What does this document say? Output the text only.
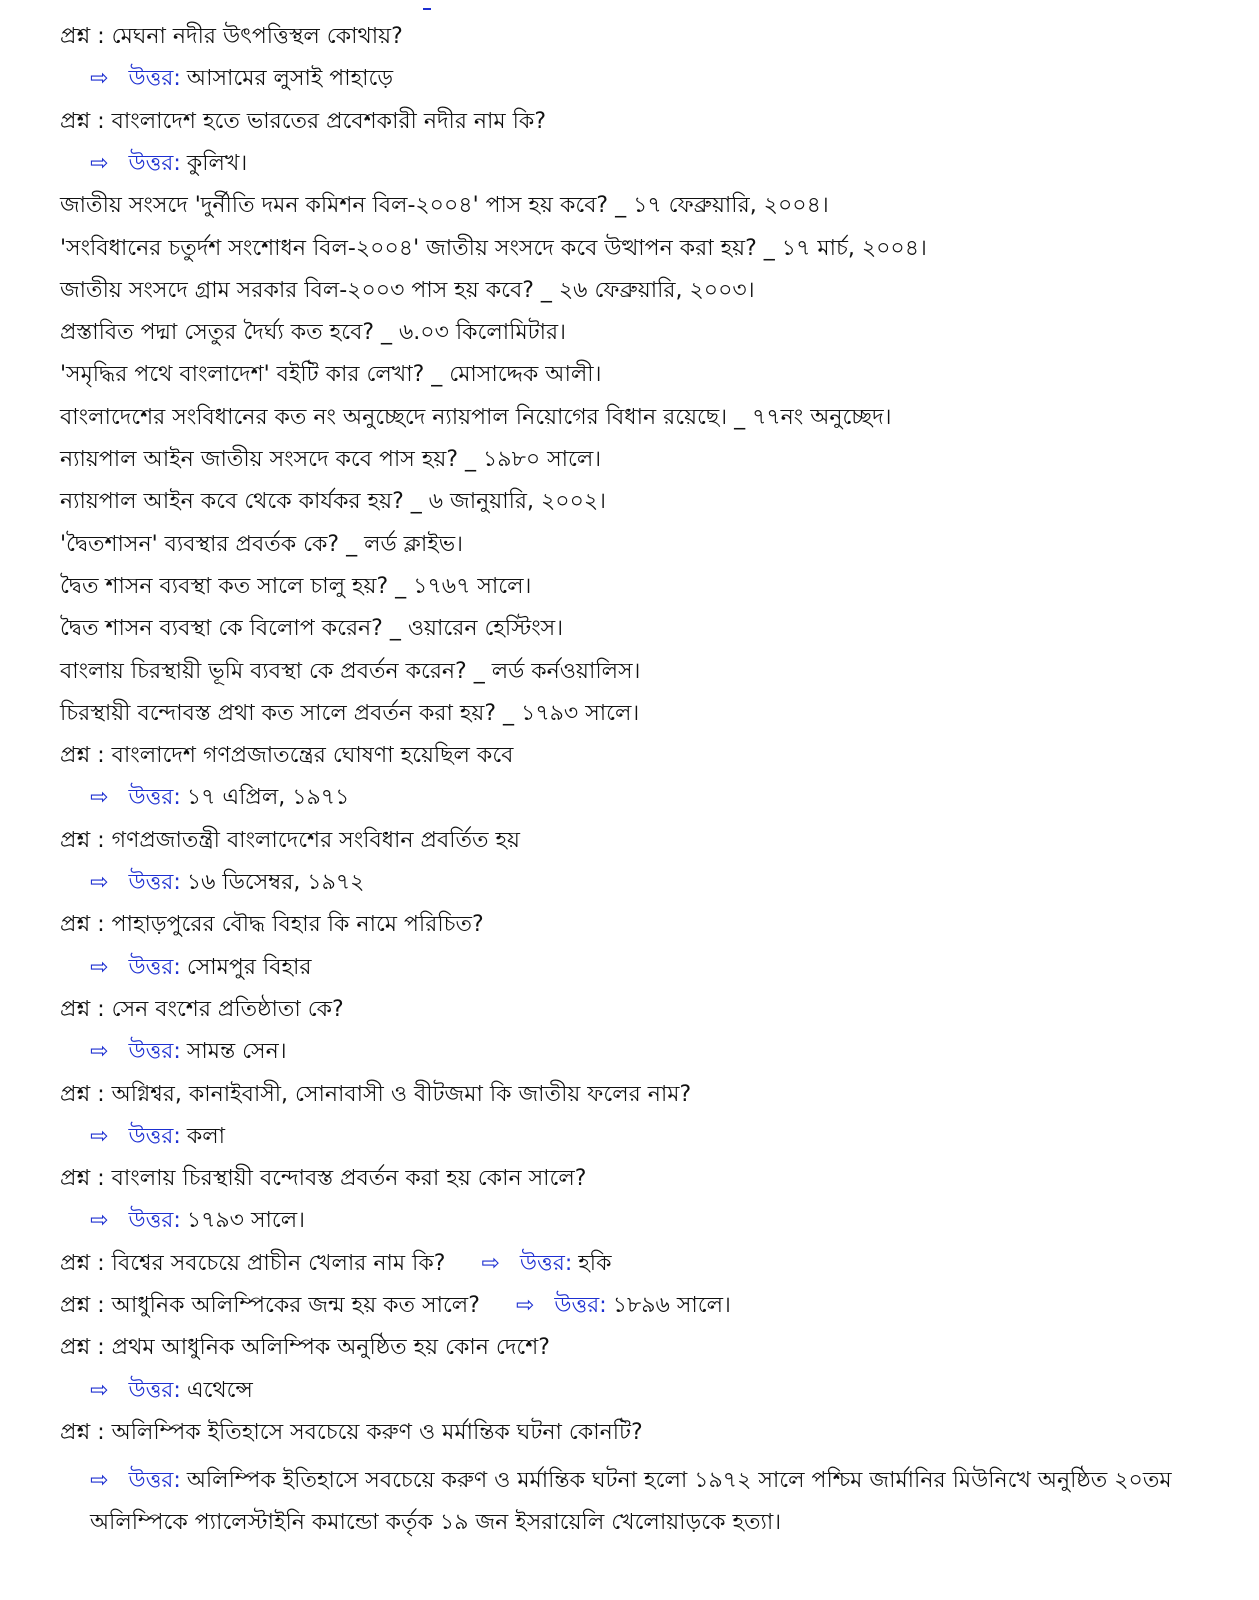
প্রশ্ন : মেঘনা নদীর উৎপত্তিস্থল কোথায়?
⇨ উত্তর: আসামের লুসাই পাহাড়ে
প্রশ্ন : বাংলাদেশ হতে ভারতের প্রবেশকারী নদীর নাম কি?
⇨ উত্তর: কুলিখ।
জাতীয় সংসদে 'দুর্নীতি দমন কমিশন বিল-২০০৪' পাস হয় কবে? _ ১৭ ফেব্রুয়ারি, ২০০৪।
'সংবিধানের চতুর্দশ সংশোধন বিল-২০০৪' জাতীয় সংসদে কবে উত্থাপন করা হয়? _ ১৭ মার্চ, ২০০৪।
জাতীয় সংসদে গ্রাম সরকার বিল-২০০৩ পাস হয় কবে? _ ২৬ ফেব্রুয়ারি, ২০০৩।
প্রস্তাবিত পদ্মা সেতুর দৈর্ঘ্য কত হবে? _ ৬.০৩ কিলোমিটার।
'সমৃদ্ধির পথে বাংলাদেশ' বইটি কার লেখা? _ মোসাদ্দেক আলী।
বাংলাদেশের সংবিধানের কত নং অনুচ্ছেদে ন্যায়পাল নিয়োগের বিধান রয়েছে। _ ৭৭নং অনুচ্ছেদ।
ন্যায়পাল আইন জাতীয় সংসদে কবে পাস হয়? _ ১৯৮০ সালে।
ন্যায়পাল আইন কবে থেকে কার্যকর হয়? _ ৬ জানুয়ারি, ২০০২।
'দ্বৈতশাসন' ব্যবস্থার প্রবর্তক কে? _ লর্ড ক্লাইভ।
দ্বৈত শাসন ব্যবস্থা কত সালে চালু হয়? _ ১৭৬৭ সালে।
দ্বৈত শাসন ব্যবস্থা কে বিলোপ করেন? _ ওয়ারেন হেস্টিংস।
বাংলায় চিরস্থায়ী ভূমি ব্যবস্থা কে প্রবর্তন করেন? _ লর্ড কর্নওয়ালিস।
চিরস্থায়ী বন্দোবস্ত প্রথা কত সালে প্রবর্তন করা হয়? _ ১৭৯৩ সালে।
প্রশ্ন : বাংলাদেশ গণপ্রজাতন্ত্রের ঘোষণা হয়েছিল কবে
⇨ উত্তর: ১৭ এপ্রিল, ১৯৭১
প্রশ্ন : গণপ্রজাতন্ত্রী বাংলাদেশের সংবিধান প্রবর্তিত হয়
⇨ উত্তর: ১৬ ডিসেম্বর, ১৯৭২
প্রশ্ন : পাহাড়পুরের বৌদ্ধ বিহার কি নামে পরিচিত?
⇨ উত্তর: সোমপুর বিহার
প্রশ্ন : সেন বংশের প্রতিষ্ঠাতা কে?
⇨ উত্তর: সামন্ত সেন।
প্রশ্ন : অগ্নিশ্বর, কানাইবাসী, সোনাবাসী ও বীটজমা কি জাতীয় ফলের নাম?
⇨ উত্তর: কলা
প্রশ্ন : বাংলায় চিরস্থায়ী বন্দোবস্ত প্রবর্তন করা হয় কোন সালে?
⇨ উত্তর: ১৭৯৩ সালে।
প্রশ্ন : বিশ্বের সবচেয়ে প্রাচীন খেলার নাম কি? ⇨ উত্তর: হকি
প্রশ্ন : আধুনিক অলিম্পিকের জন্ম হয় কত সালে? ⇨ উত্তর: ১৮৯৬ সালে।
প্রশ্ন : প্রথম আধুনিক অলিম্পিক অনুষ্ঠিত হয় কোন দেশে?
⇨ উত্তর: এথেন্সে
প্রশ্ন : অলিম্পিক ইতিহাসে সবচেয়ে করুণ ও মর্মান্তিক ঘটনা কোনটি?
⇨ উত্তর: অলিম্পিক ইতিহাসে সবচেয়ে করুণ ও মর্মান্তিক ঘটনা হলো ১৯৭২ সালে পশ্চিম জার্মানির মিউনিখে অনুষ্ঠিত ২০তম অলিম্পিকে প্যালেস্টাইনি কমান্ডো কর্তৃক ১৯ জন ইসরায়েলি খেলোয়াড়কে হত্যা।
